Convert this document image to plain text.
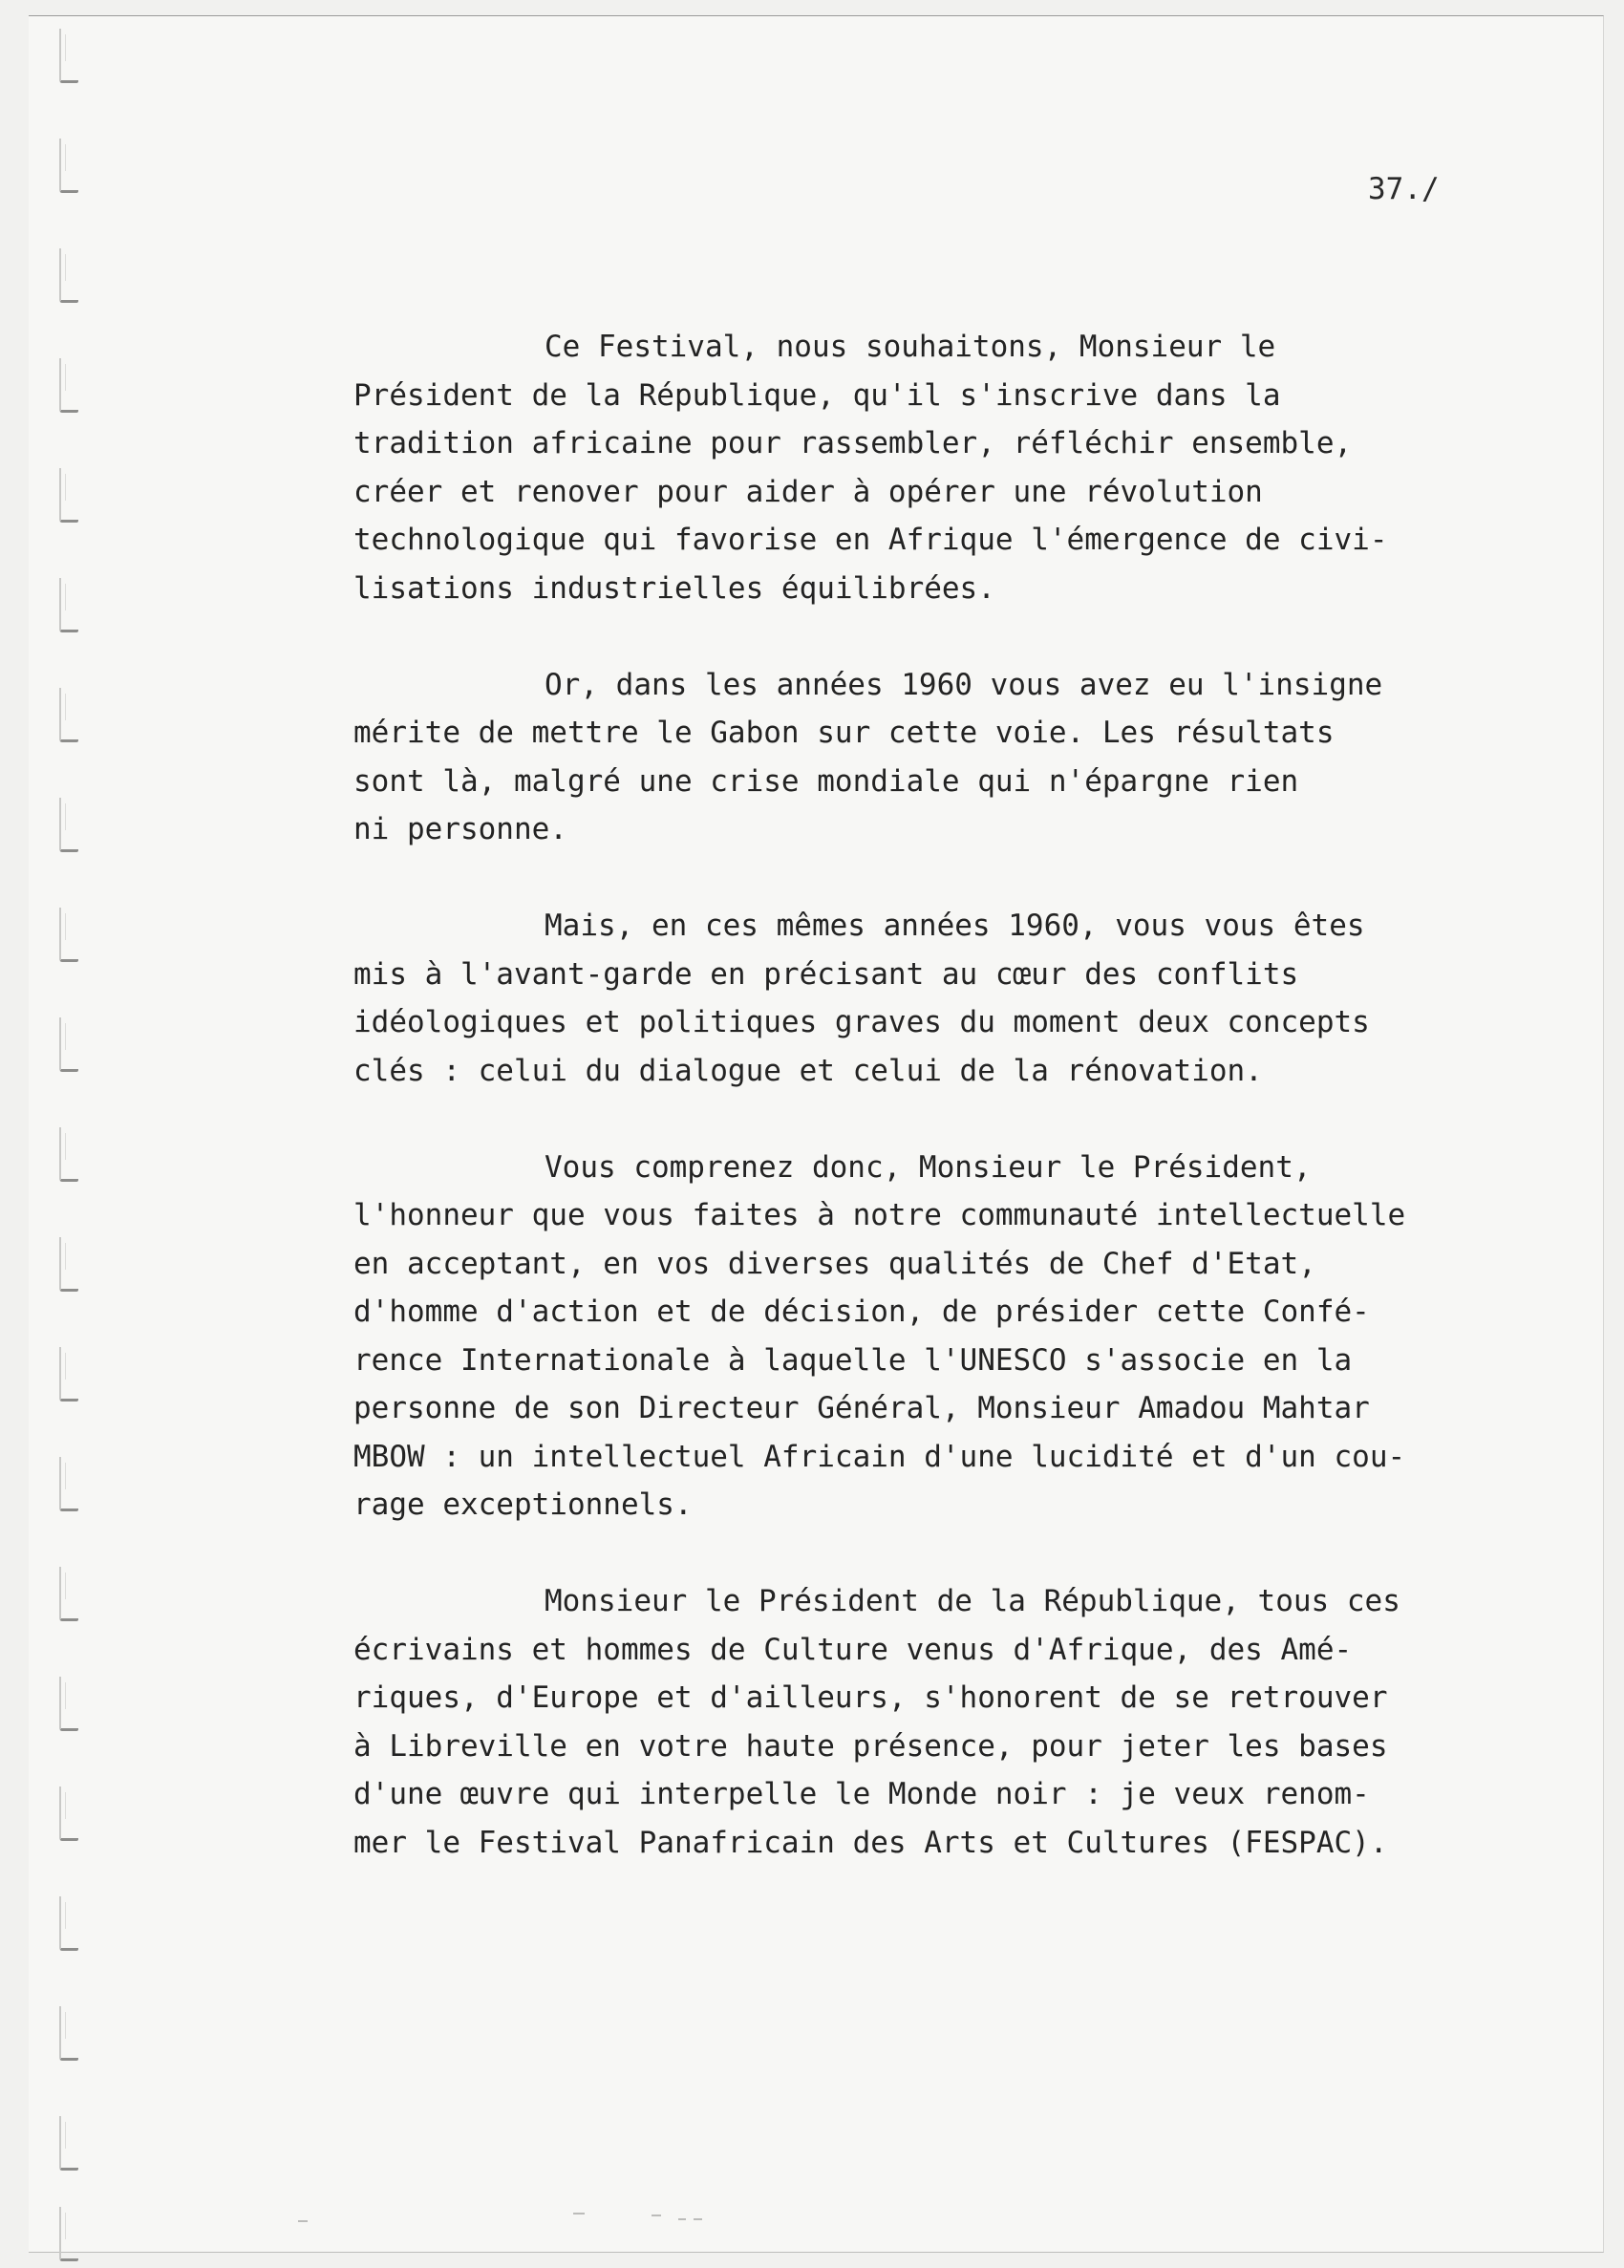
37./

Ce Festival, nous souhaitons, Monsieur le
Président de la République, qu'il s'inscrive dans la
tradition africaine pour rassembler, réfléchir ensemble,
créer et renover pour aider à opérer une révolution
technologique qui favorise en Afrique l'émergence de civi-
lisations industrielles équilibrées.

Or, dans les années 1960 vous avez eu l'insigne
mérite de mettre le Gabon sur cette voie. Les résultats
sont là, malgré une crise mondiale qui n'épargne rien
ni personne.

Mais, en ces mêmes années 1960, vous vous êtes
mis à l'avant-garde en précisant au cœur des conflits
idéologiques et politiques graves du moment deux concepts
clés : celui du dialogue et celui de la rénovation.

Vous comprenez donc, Monsieur le Président,
l'honneur que vous faites à notre communauté intellectuelle
en acceptant, en vos diverses qualités de Chef d'Etat,
d'homme d'action et de décision, de présider cette Confé-
rence Internationale à laquelle l'UNESCO s'associe en la
personne de son Directeur Général, Monsieur Amadou Mahtar
MBOW : un intellectuel Africain d'une lucidité et d'un cou-
rage exceptionnels.

Monsieur le Président de la République, tous ces
écrivains et hommes de Culture venus d'Afrique, des Amé-
riques, d'Europe et d'ailleurs, s'honorent de se retrouver
à Libreville en votre haute présence, pour jeter les bases
d'une œuvre qui interpelle le Monde noir : je veux renom-
mer le Festival Panafricain des Arts et Cultures (FESPAC).
